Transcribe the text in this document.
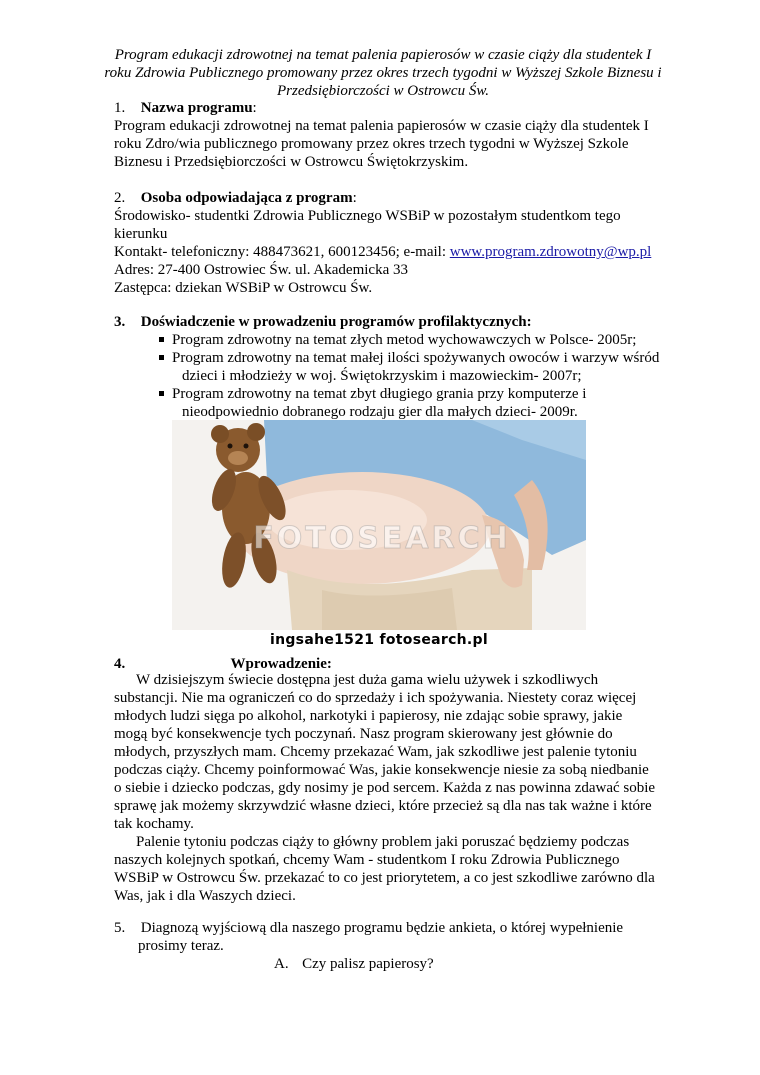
Program edukacji zdrowotnej na temat palenia papierosów w czasie ciąży dla studentek I
roku Zdrowia Publicznego promowany przez okres trzech tygodni w Wyższej Szkole Biznesu i
Przedsiębiorczości w Ostrowcu Św.
1. Nazwa programu:
Program edukacji zdrowotnej na temat palenia papierosów w czasie ciąży dla studentek I
roku Zdro/wia publicznego promowany przez okres trzech tygodni w Wyższej Szkole
Biznesu i Przedsiębiorczości w Ostrowcu Świętokrzyskim.
2. Osoba odpowiadająca z program:
Środowisko- studentki Zdrowia Publicznego WSBiP w pozostałym studentkom tego
kierunku
Kontakt- telefoniczny: 488473621, 600123456; e-mail: www.program.zdrowotny@wp.pl
Adres: 27-400 Ostrowiec Św. ul. Akademicka 33
Zastępca: dziekan WSBiP w Ostrowcu Św.
3. Doświadczenie w prowadzeniu programów profilaktycznych:
Program zdrowotny na temat złych metod wychowawczych w Polsce- 2005r;
Program zdrowotny na temat małej ilości spożywanych owoców i warzyw wśród
dzieci i młodzieży w woj. Świętokrzyskim i mazowieckim- 2007r;
Program zdrowotny na temat zbyt długiego grania przy komputerze i
nieodpowiednio dobranego rodzaju gier dla małych dzieci- 2009r.
FOTOSEARCH
ingsahe1521 fotosearch.pl
4.	Wprowadzenie:
W dzisiejszym świecie dostępna jest duża gama wielu używek i szkodliwych
substancji. Nie ma ograniczeń co do sprzedaży i ich spożywania. Niestety coraz więcej
młodych ludzi sięga po alkohol, narkotyki i papierosy, nie zdając sobie sprawy, jakie
mogą być konsekwencje tych poczynań. Nasz program skierowany jest głównie do
młodych, przyszłych mam. Chcemy przekazać Wam, jak szkodliwe jest palenie tytoniu
podczas ciąży. Chcemy poinformować Was, jakie konsekwencje niesie za sobą niedbanie
o siebie i dziecko podczas, gdy nosimy je pod sercem. Każda z nas powinna zdawać sobie
sprawę jak możemy skrzywdzić własne dzieci, które przecież są dla nas tak ważne i które
tak kochamy.
Palenie tytoniu podczas ciąży to główny problem jaki poruszać będziemy podczas
naszych kolejnych spotkań, chcemy Wam - studentkom I roku Zdrowia Publicznego
WSBiP w Ostrowcu Św. przekazać to co jest priorytetem, a co jest szkodliwe zarówno dla
Was, jak i dla Waszych dzieci.
5. Diagnozą wyjściową dla naszego programu będzie ankieta, o której wypełnienie
prosimy teraz.
A. Czy palisz papierosy?
